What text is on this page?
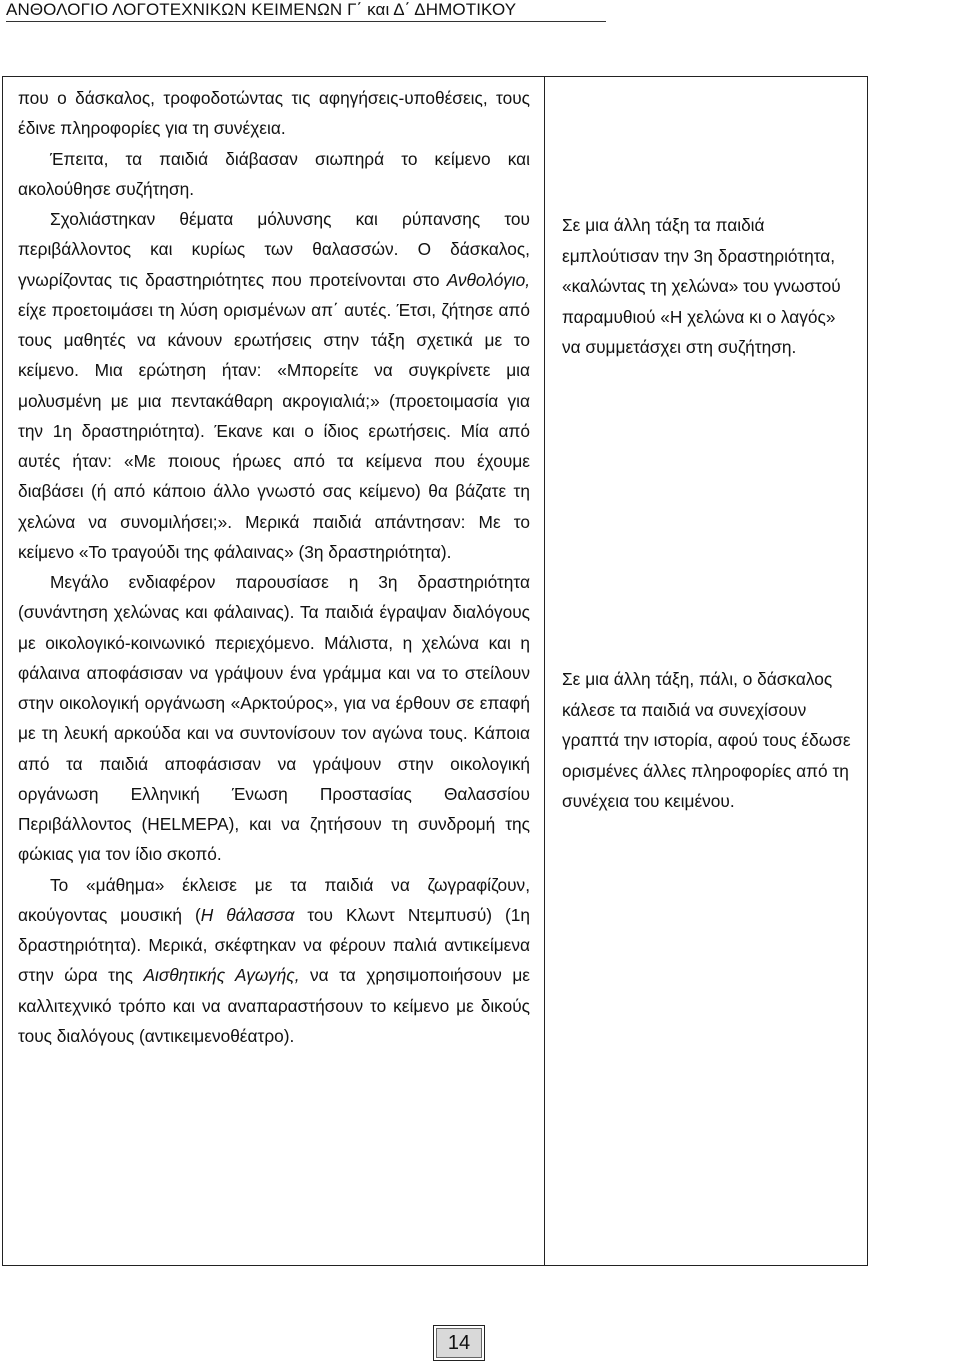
ΑΝΘΟΛΟΓΙΟ ΛΟΓΟΤΕΧΝΙΚΩΝ ΚΕΙΜΕΝΩΝ Γ΄ και Δ΄ ΔΗΜΟΤΙΚΟΥ

που ο δάσκαλος, τροφοδοτώντας τις αφηγήσεις-υποθέσεις, τους έδινε πληροφορίες για τη συνέχεια.

Έπειτα, τα παιδιά διάβασαν σιωπηρά το κείμενο και ακολούθησε συζήτηση.

Σχολιάστηκαν θέματα μόλυνσης και ρύπανσης του περιβάλλοντος και κυρίως των θαλασσών. Ο δάσκαλος, γνωρίζοντας τις δραστηριότητες που προτείνονται στο Ανθολόγιο, είχε προετοιμάσει τη λύση ορισμένων απ΄ αυτές. Έτσι, ζήτησε από τους μαθητές να κάνουν ερωτήσεις στην τάξη σχετικά με το κείμενο. Μια ερώτηση ήταν: «Μπορείτε να συγκρίνετε μια μολυσμένη με μια πεντακάθαρη ακρογιαλιά;» (προετοιμασία για την 1η δραστηριότητα). Έκανε και ο ίδιος ερωτήσεις. Μία από αυτές ήταν: «Με ποιους ήρωες από τα κείμενα που έχουμε διαβάσει (ή από κάποιο άλλο γνωστό σας κείμενο) θα βάζατε τη χελώνα να συνομιλήσει;». Μερικά παιδιά απάντησαν: Με το κείμενο «Το τραγούδι της φάλαινας» (3η δραστηριότητα).

Μεγάλο ενδιαφέρον παρουσίασε η 3η δραστηριότητα (συνάντηση χελώνας και φάλαινας). Τα παιδιά έγραψαν διαλόγους με οικολογικό-κοινωνικό περιεχόμενο. Μάλιστα, η χελώνα και η φάλαινα αποφάσισαν να γράψουν ένα γράμμα και να το στείλουν στην οικολογική οργάνωση «Αρκτούρος», για να έρθουν σε επαφή με τη λευκή αρκούδα και να συντονίσουν τον αγώνα τους. Κάποια από τα παιδιά αποφάσισαν να γράψουν στην οικολογική οργάνωση Ελληνική Ένωση Προστασίας Θαλασσίου Περιβάλλοντος (HELMEPA), και να ζητήσουν τη συνδρομή της φώκιας για τον ίδιο σκοπό.

Το «μάθημα» έκλεισε με τα παιδιά να ζωγραφίζουν, ακούγοντας μουσική (Η θάλασσα του Κλωντ Ντεμπυσύ) (1η δραστηριότητα). Μερικά, σκέφτηκαν να φέρουν παλιά αντικείμενα στην ώρα της Αισθητικής Αγωγής, να τα χρησιμοποιήσουν με καλλιτεχνικό τρόπο και να αναπαραστήσουν το κείμενο με δικούς τους διαλόγους (αντικειμενοθέατρο).

Σε μια άλλη τάξη τα παιδιά εμπλούτισαν την 3η δραστηριότητα, «καλώντας τη χελώνα» του γνωστού παραμυθιού «Η χελώνα κι ο λαγός» να συμμετάσχει στη συζήτηση.

Σε μια άλλη τάξη, πάλι, ο δάσκαλος κάλεσε τα παιδιά να συνεχίσουν γραπτά την ιστορία, αφού τους έδωσε ορισμένες άλλες πληροφορίες από τη συνέχεια του κειμένου.

14
